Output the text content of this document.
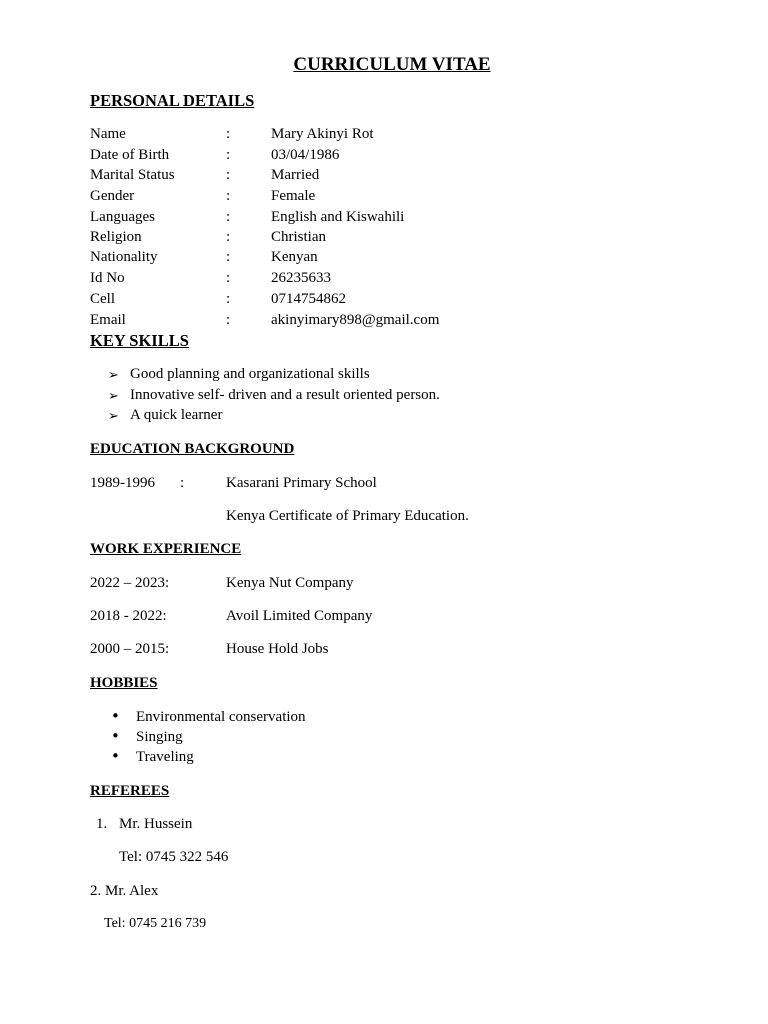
CURRICULUM VITAE
PERSONAL DETAILS
Name	:	Mary Akinyi Rot
Date of Birth	:	03/04/1986
Marital Status	:	Married
Gender	:	Female
Languages	:	English and Kiswahili
Religion	:	Christian
Nationality	:	Kenyan
Id No	:	26235633
Cell	:	0714754862
Email	:	akinyimary898@gmail.com
KEY SKILLS
➢ Good planning and organizational skills
➢ Innovative self- driven and a result oriented person.
➢ A quick learner
EDUCATION BACKGROUND
1989-1996 :	Kasarani Primary School
Kenya Certificate of Primary Education.
WORK EXPERIENCE
2022 – 2023:	Kenya Nut Company
2018 - 2022:	Avoil Limited Company
2000 – 2015:	House Hold Jobs
HOBBIES
• Environmental conservation
• Singing
• Traveling
REFEREES
1. Mr. Hussein
Tel: 0745 322 546
2. Mr. Alex
Tel: 0745 216 739
